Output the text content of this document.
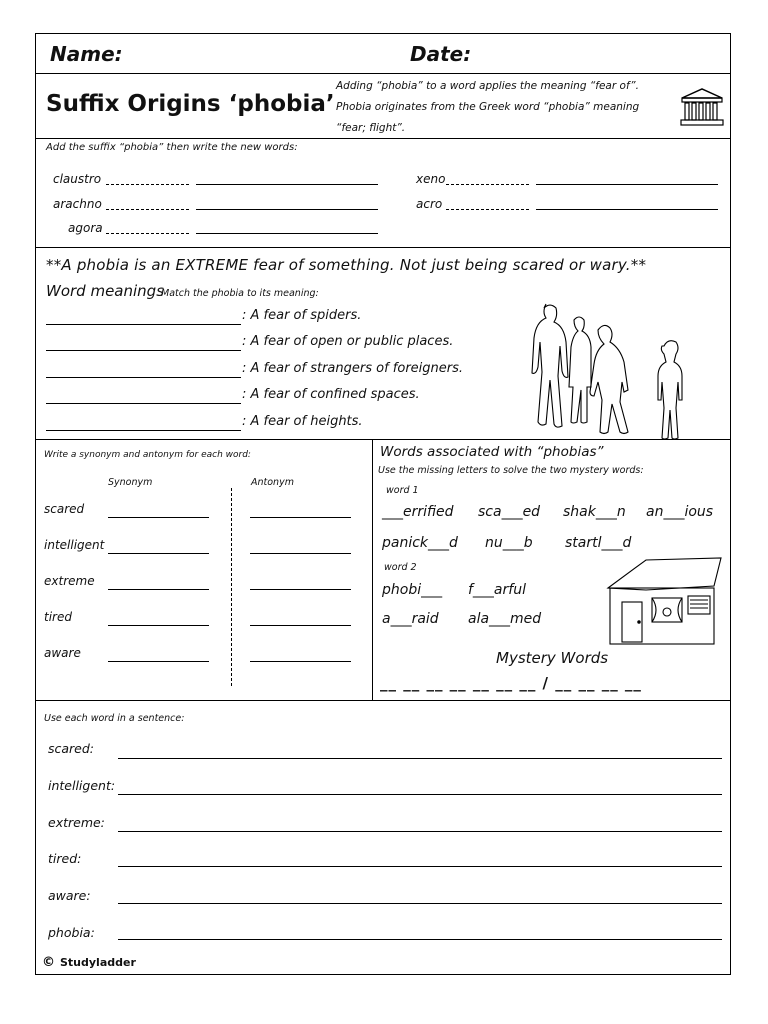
Name:	Date:
Suffix Origins ‘phobia’
Adding “phobia” to a word applies the meaning “fear of”. Phobia originates from the Greek word “phobia” meaning “fear; flight”.
Add the suffix “phobia” then write the new words:
claustro
arachno
agora
xeno
acro
**A phobia is an EXTREME fear of something. Not just being scared or wary.**
Word meanings
Match the phobia to its meaning:
: A fear of spiders.
: A fear of open or public places.
: A fear of strangers of foreigners.
: A fear of confined spaces.
: A fear of heights.
Write a synonym and antonym for each word:
Synonym	Antonym
scared
intelligent
extreme
tired
aware
Words associated with “phobias”
Use the missing letters to solve the two mystery words:
word 1
___errified sca___ed shak___n an___ious
panick___d nu___b startl___d
word 2
phobi___ f___arful
a___raid ala___med
Mystery Words
__ __ __ __ __ __ __ / __ __ __ __
Use each word in a sentence:
scared:
intelligent:
extreme:
tired:
aware:
phobia:
© Studyladder
